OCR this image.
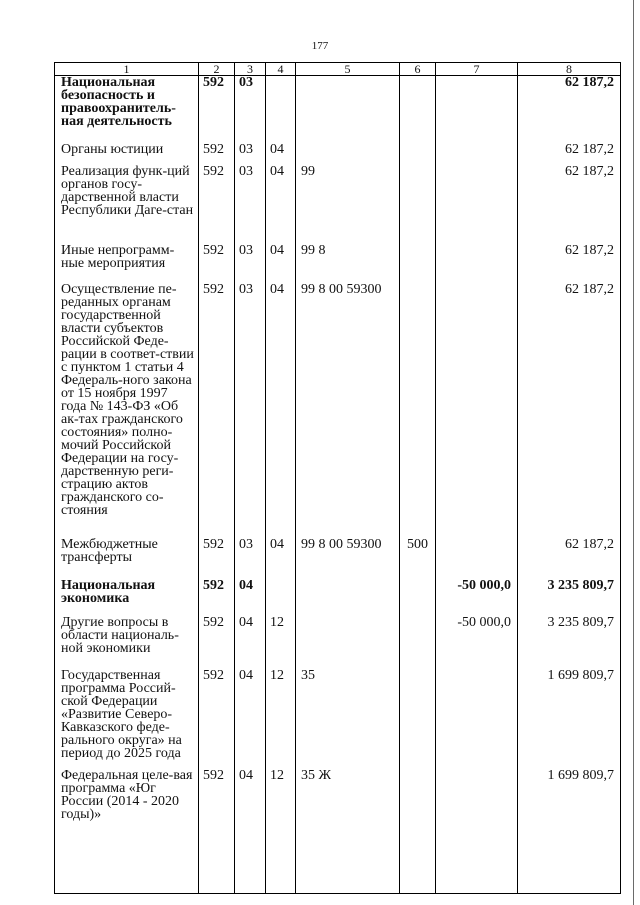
177
1	2	3	4	5	6	7	8
Национальная безопасность и правоохранитель-ная деятельность	592	03					62 187,2
Органы юстиции	592	03	04				62 187,2
Реализация функ-ций органов госу-дарственной власти Республики Даге-стан	592	03	04	99			62 187,2
Иные непрограмм-ные мероприятия	592	03	04	99 8			62 187,2
Осуществление пе-реданных органам государственной власти субъектов Российской Феде-рации в соответ-ствии с пунктом 1 статьи 4 Федераль-ного закона от 15 ноября 1997 года № 143-ФЗ «Об ак-тах гражданского состояния» полно-мочий Российской Федерации на госу-дарственную реги-страцию актов гражданского со-стояния	592	03	04	99 8 00 59300			62 187,2
Межбюджетные трансферты	592	03	04	99 8 00 59300	500		62 187,2
Национальная экономика	592	04				-50 000,0	3 235 809,7
Другие вопросы в области националь-ной экономики	592	04	12			-50 000,0	3 235 809,7
Государственная программа Россий-ской Федерации «Развитие Северо-Кавказского феде-рального округа» на период до 2025 года	592	04	12	35			1 699 809,7
Федеральная целе-вая программа «Юг России (2014 - 2020 годы)»	592	04	12	35 Ж			1 699 809,7
